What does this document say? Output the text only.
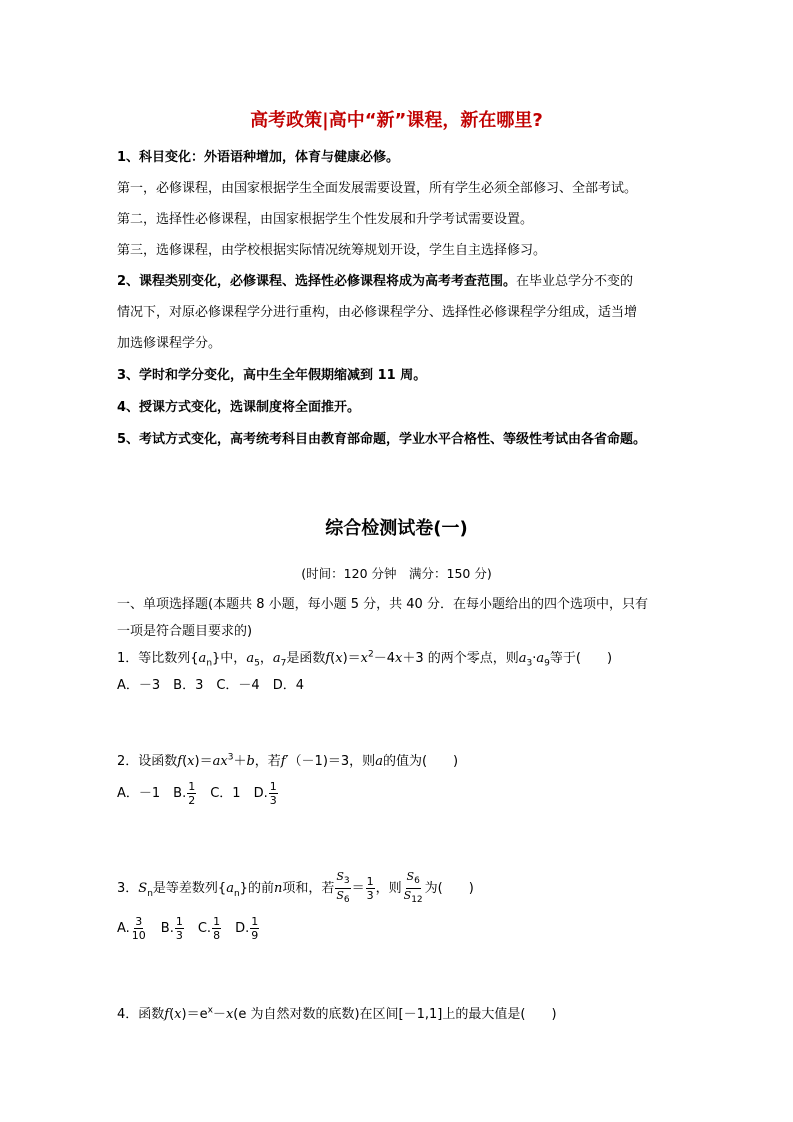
高考政策|高中“新”课程，新在哪里?
1、科目变化：外语语种增加，体育与健康必修。
第一，必修课程，由国家根据学生全面发展需要设置，所有学生必须全部修习、全部考试。
第二，选择性必修课程，由国家根据学生个性发展和升学考试需要设置。
第三，选修课程，由学校根据实际情况统筹规划开设，学生自主选择修习。
2、课程类别变化，必修课程、选择性必修课程将成为高考考查范围。在毕业总学分不变的
情况下，对原必修课程学分进行重构，由必修课程学分、选择性必修课程学分组成，适当增
加选修课程学分。
3、学时和学分变化，高中生全年假期缩减到 11 周。
4、授课方式变化，选课制度将全面推开。
5、考试方式变化，高考统考科目由教育部命题，学业水平合格性、等级性考试由各省命题。
综合检测试卷(一)
(时间：120 分钟　满分：150 分)
一、单项选择题(本题共 8 小题，每小题 5 分，共 40 分．在每小题给出的四个选项中，只有
一项是符合题目要求的)
1．等比数列$\{a_n\}$中，$a_5$，$a_7$是函数$f(x)=x^2-4x+3$ 的两个零点，则$a_3\cdot a_9$等于(　　)
A．－3　B．3　C．－4　D．4
2．设函数$f(x)=ax^3+b$，若f′（－1)＝3，则a的值为(　　)
A．－1　B. $\frac{1}{2}$ 　C．1　D. $\frac{1}{3}$
3．$S_n$是等差数列$\{a_n\}$的前n项和，若 $\frac{S_3}{S_6} = \frac{1}{3}$ ，则 $\frac{S_6}{S_{12}}$ 为(　　)
A. $\frac{3}{10}$ 　B. $\frac{1}{3}$ 　C. $\frac{1}{8}$ 　D. $\frac{1}{9}$
4．函数$f(x)=e^x-x(e$ 为自然对数的底数)在区间[－1,1]上的最大值是(　　)
